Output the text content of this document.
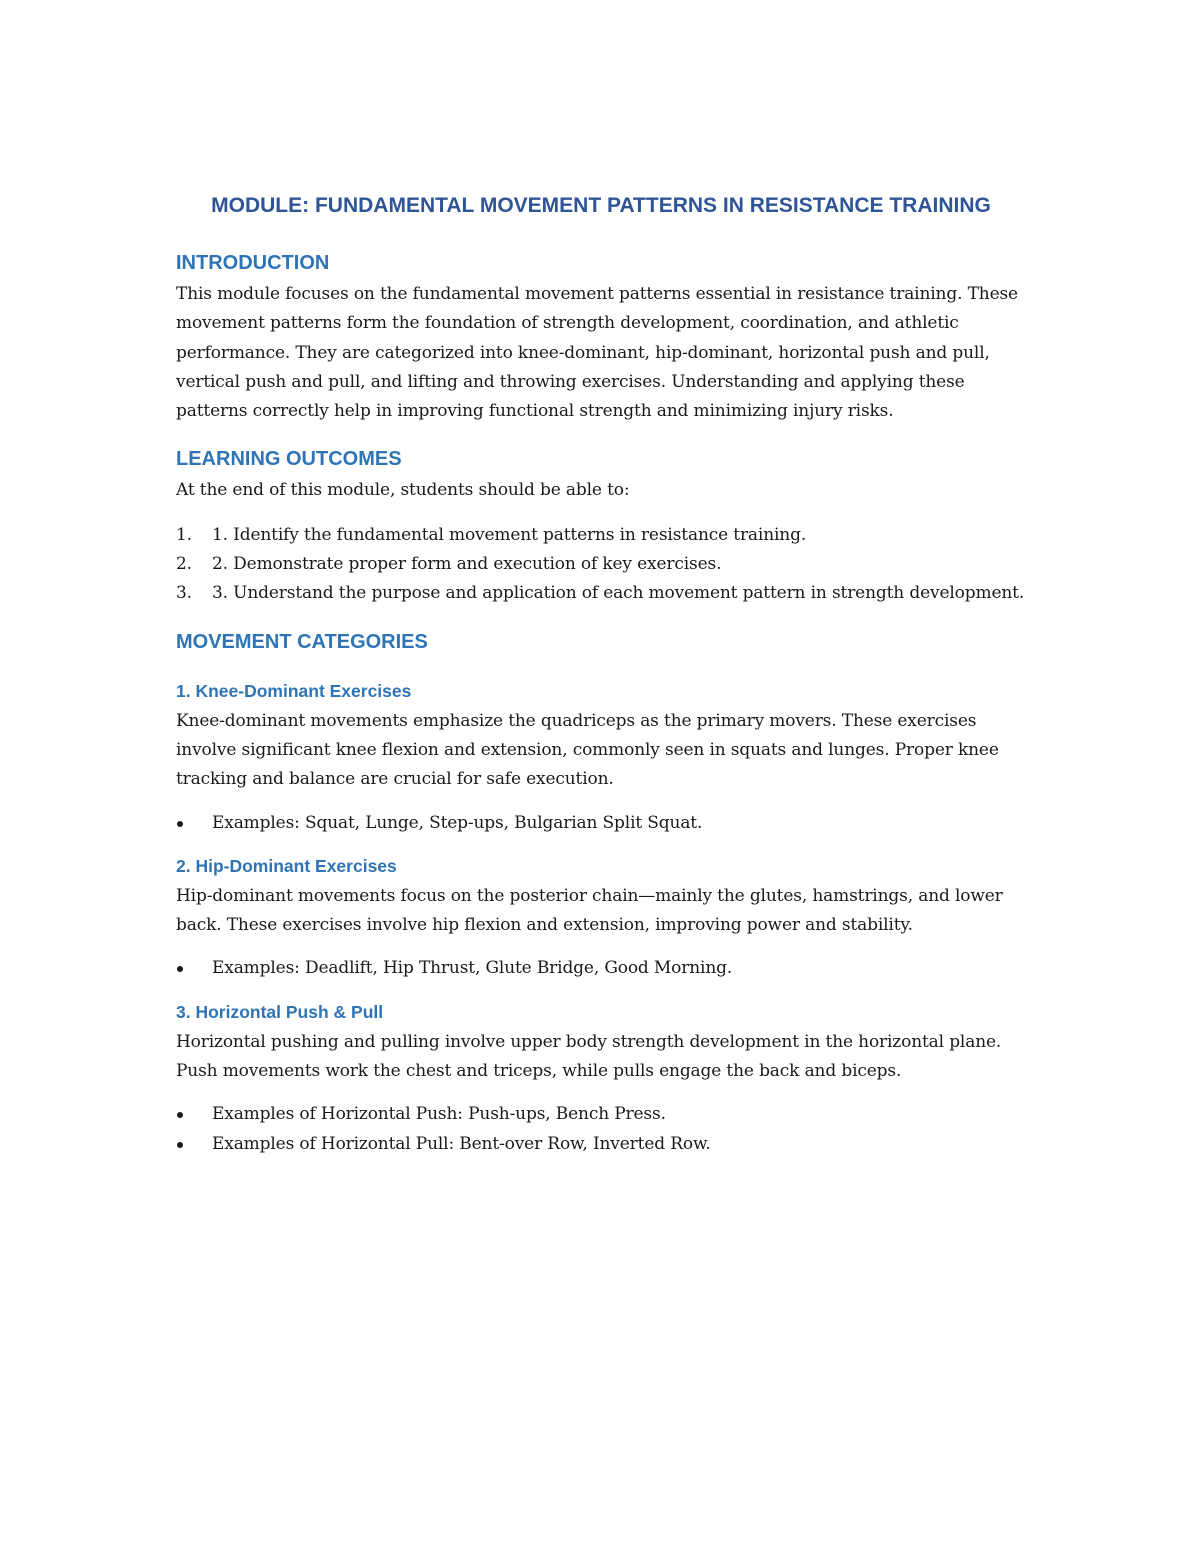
MODULE: FUNDAMENTAL MOVEMENT PATTERNS IN RESISTANCE TRAINING
INTRODUCTION
This module focuses on the fundamental movement patterns essential in resistance training. These movement patterns form the foundation of strength development, coordination, and athletic performance. They are categorized into knee-dominant, hip-dominant, horizontal push and pull, vertical push and pull, and lifting and throwing exercises. Understanding and applying these patterns correctly help in improving functional strength and minimizing injury risks.
LEARNING OUTCOMES
At the end of this module, students should be able to:
1.	1. Identify the fundamental movement patterns in resistance training.
2.	2. Demonstrate proper form and execution of key exercises.
3.	3. Understand the purpose and application of each movement pattern in strength development.
MOVEMENT CATEGORIES
1. Knee-Dominant Exercises
Knee-dominant movements emphasize the quadriceps as the primary movers. These exercises involve significant knee flexion and extension, commonly seen in squats and lunges. Proper knee tracking and balance are crucial for safe execution.
Examples: Squat, Lunge, Step-ups, Bulgarian Split Squat.
2. Hip-Dominant Exercises
Hip-dominant movements focus on the posterior chain—mainly the glutes, hamstrings, and lower back. These exercises involve hip flexion and extension, improving power and stability.
Examples: Deadlift, Hip Thrust, Glute Bridge, Good Morning.
3. Horizontal Push & Pull
Horizontal pushing and pulling involve upper body strength development in the horizontal plane. Push movements work the chest and triceps, while pulls engage the back and biceps.
Examples of Horizontal Push: Push-ups, Bench Press.
Examples of Horizontal Pull: Bent-over Row, Inverted Row.
